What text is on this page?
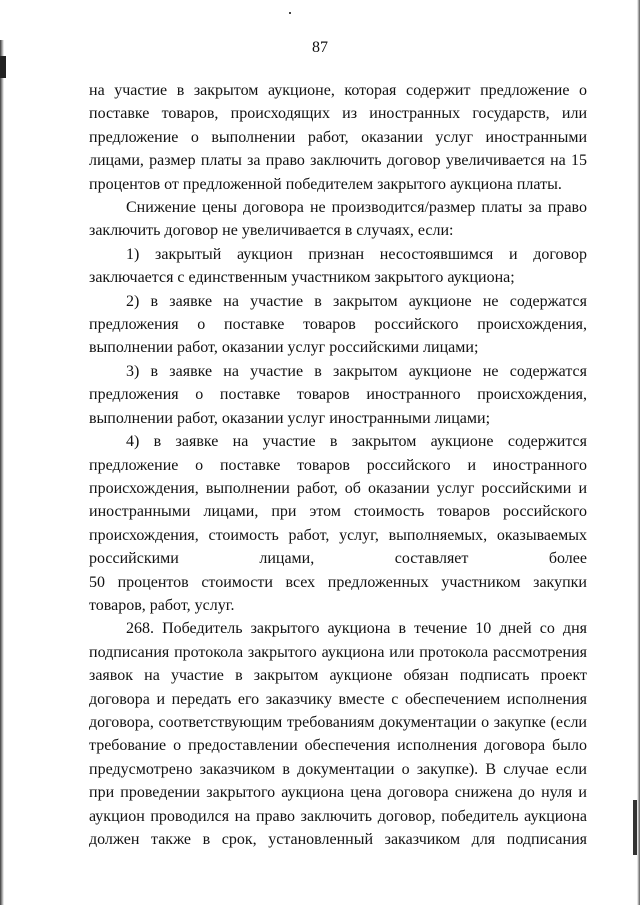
87

на участие в закрытом аукционе, которая содержит предложение о поставке товаров, происходящих из иностранных государств, или предложение о выполнении работ, оказании услуг иностранными лицами, размер платы за право заключить договор увеличивается на 15 процентов от предложенной победителем закрытого аукциона платы.

Снижение цены договора не производится/размер платы за право заключить договор не увеличивается в случаях, если:

1) закрытый аукцион признан несостоявшимся и договор заключается с единственным участником закрытого аукциона;

2) в заявке на участие в закрытом аукционе не содержатся предложения о поставке товаров российского происхождения, выполнении работ, оказании услуг российскими лицами;

3) в заявке на участие в закрытом аукционе не содержатся предложения о поставке товаров иностранного происхождения, выполнении работ, оказании услуг иностранными лицами;

4) в заявке на участие в закрытом аукционе содержится предложение о поставке товаров российского и иностранного происхождения, выполнении работ, об оказании услуг российскими и иностранными лицами, при этом стоимость товаров российского происхождения, стоимость работ, услуг, выполняемых, оказываемых российскими лицами, составляет более

50 процентов стоимости всех предложенных участником закупки товаров, работ, услуг.

268. Победитель закрытого аукциона в течение 10 дней со дня подписания протокола закрытого аукциона или протокола рассмотрения заявок на участие в закрытом аукционе обязан подписать проект договора и передать его заказчику вместе с обеспечением исполнения договора, соответствующим требованиям документации о закупке (если требование о предоставлении обеспечения исполнения договора было предусмотрено заказчиком в документации о закупке). В случае если при проведении закрытого аукциона цена договора снижена до нуля и аукцион проводился на право заключить договор, победитель аукциона должен также в срок, установленный заказчиком для подписания
